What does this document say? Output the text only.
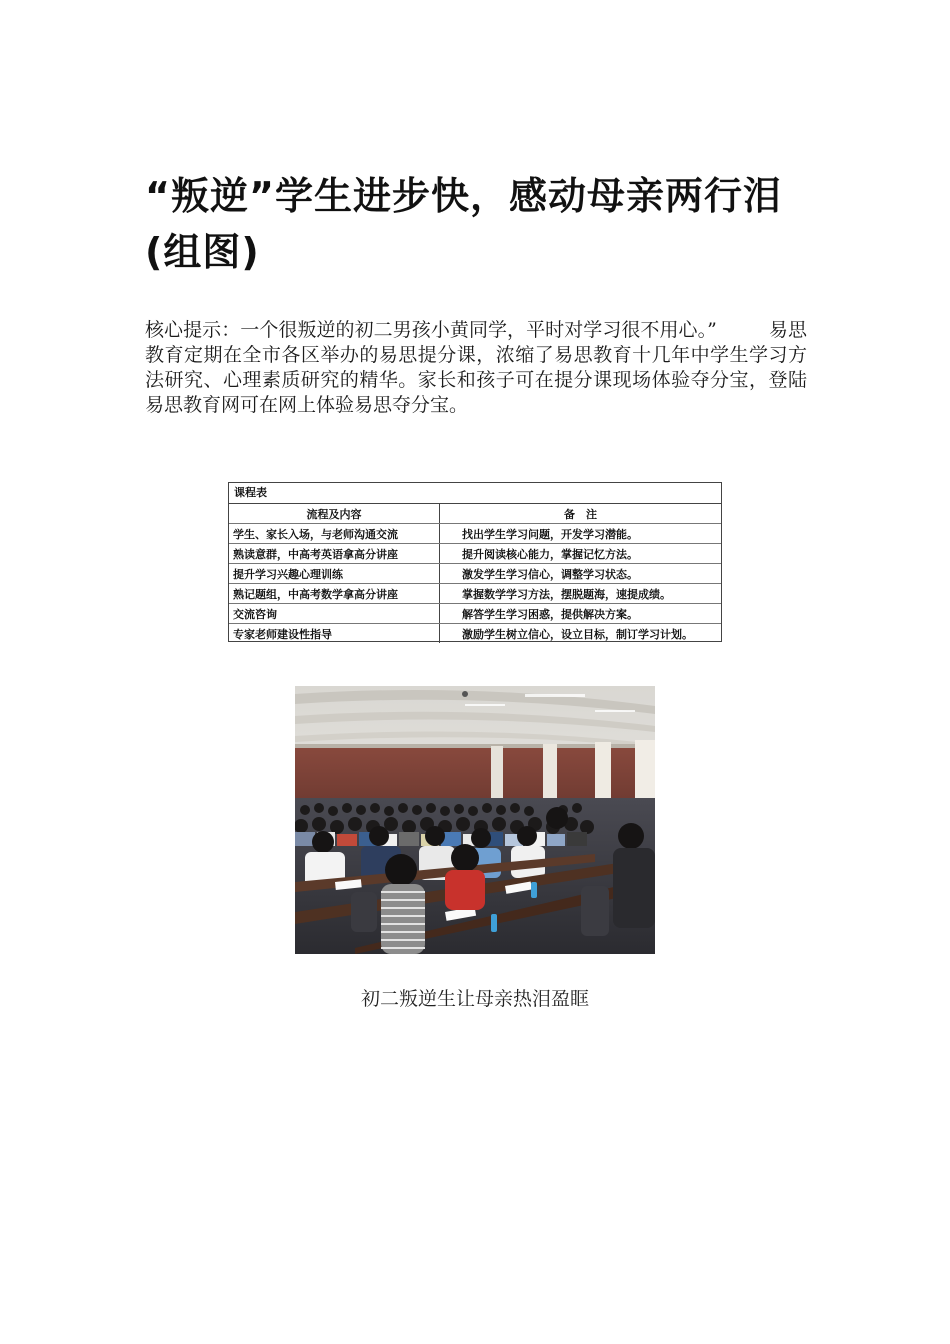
“叛逆”学生进步快，感动母亲两行泪(组图)

核心提示：一个很叛逆的初二男孩小黄同学，平时对学习很不用心。”	易思教育定期在全市各区举办的易思提分课，浓缩了易思教育十几年中学生学习方法研究、心理素质研究的精华。家长和孩子可在提分课现场体验夺分宝，登陆易思教育网可在网上体验易思夺分宝。

课程表
流程及内容	备　注
学生、家长入场，与老师沟通交流	找出学生学习问题，开发学习潜能。
熟读意群，中高考英语拿高分讲座	提升阅读核心能力，掌握记忆方法。
提升学习兴趣心理训练	激发学生学习信心，调整学习状态。
熟记题组，中高考数学拿高分讲座	掌握数学学习方法，摆脱题海，速提成绩。
交流咨询	解答学生学习困惑，提供解决方案。
专家老师建设性指导	激励学生树立信心，设立目标，制订学习计划。

初二叛逆生让母亲热泪盈眶
